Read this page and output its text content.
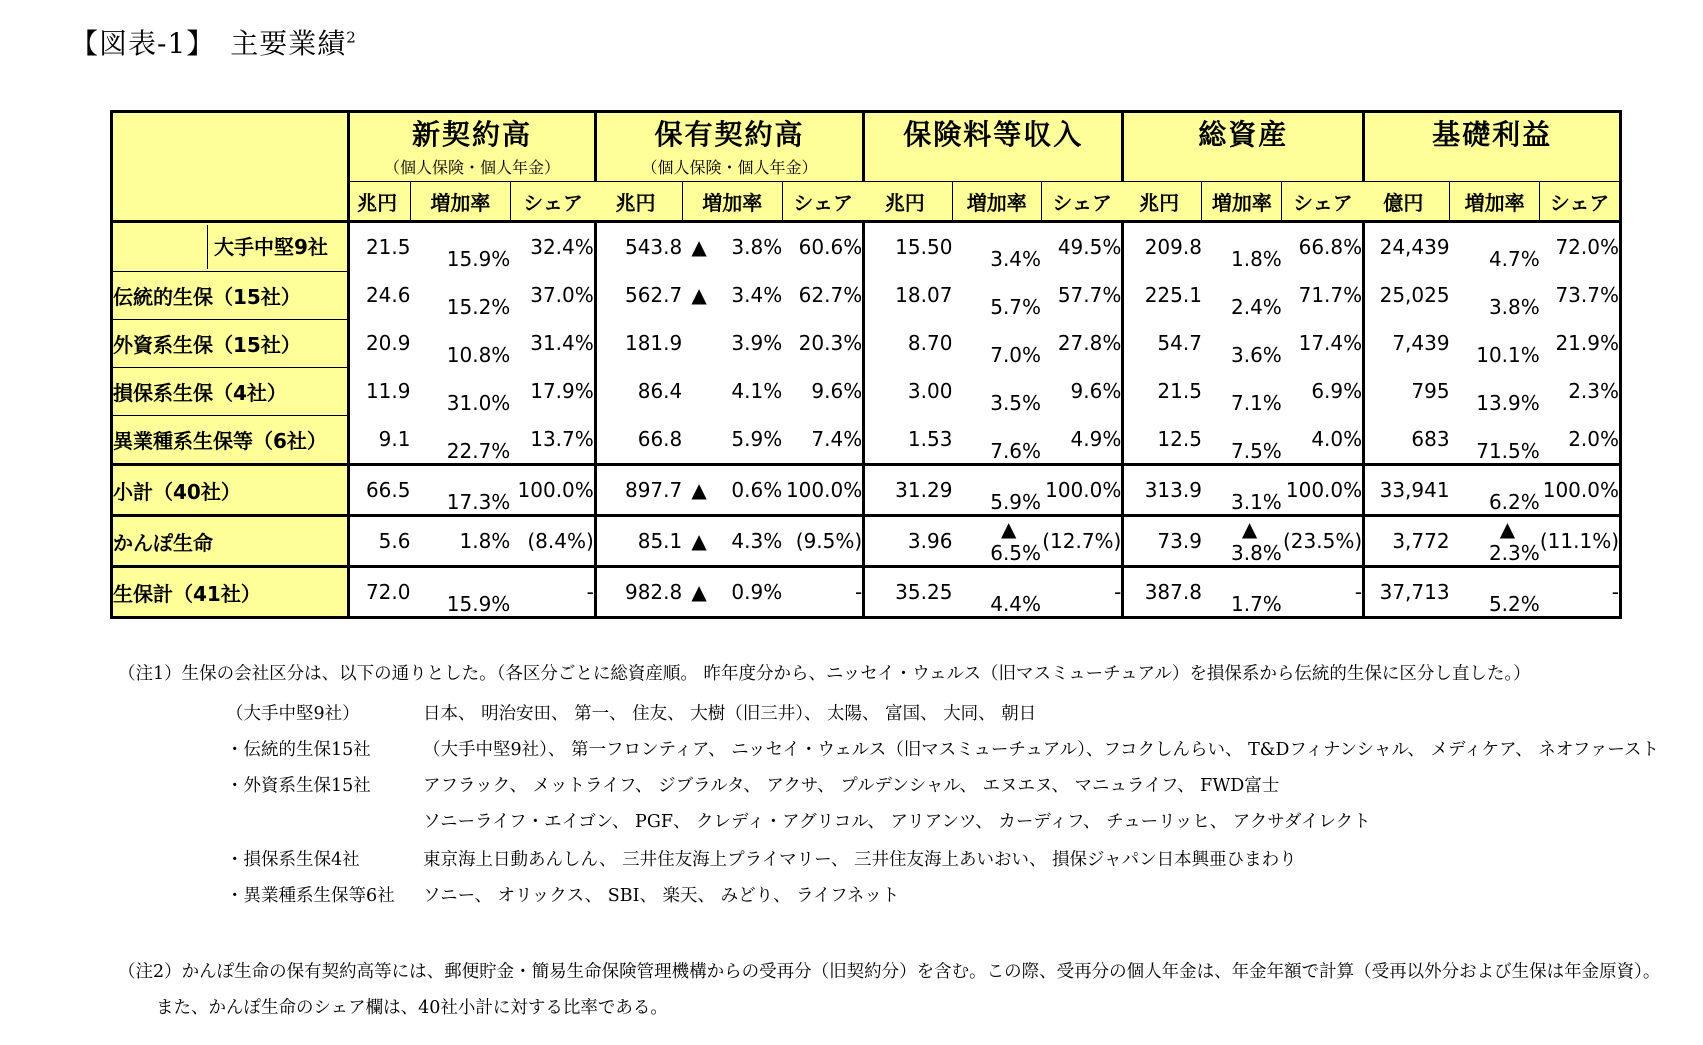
【図表-1】　主要業績$^2$

	新契約高
（個人保険・個人年金）			保有契約高
（個人保険・個人年金）			保険料等収入			総資産			基礎利益		

	兆円	増加率	シェア	兆円	増加率	シェア	兆円	増加率	シェア	兆円	増加率	シェア	億円	増加率	シェア
大手中堅9社	21.5	15.9%	32.4%	543.8	▲ 3.8%	60.6%	15.50	3.4%	49.5%	209.8	1.8%	66.8%	24,439	4.7%	72.0%
伝統的生保（15社）	24.6	15.2%	37.0%	562.7	▲ 3.4%	62.7%	18.07	5.7%	57.7%	225.1	2.4%	71.7%	25,025	3.8%	73.7%
外資系生保（15社）	20.9	10.8%	31.4%	181.9	3.9%	20.3%	8.70	7.0%	27.8%	54.7	3.6%	17.4%	7,439	10.1%	21.9%
損保系生保（4社）	11.9	31.0%	17.9%	86.4	4.1%	9.6%	3.00	3.5%	9.6%	21.5	7.1%	6.9%	795	13.9%	2.3%
異業種系生保等（6社）	9.1	22.7%	13.7%	66.8	5.9%	7.4%	1.53	7.6%	4.9%	12.5	7.5%	4.0%	683	71.5%	2.0%
小計（40社）	66.5	17.3%	100.0%	897.7	▲ 0.6%	100.0%	31.29	5.9%	100.0%	313.9	3.1%	100.0%	33,941	6.2%	100.0%
かんぽ生命	5.6	1.8%	(8.4%)	85.1	▲ 4.3%	(9.5%)	3.96	▲6.5%	(12.7%)	73.9	▲3.8%	(23.5%)	3,772	▲2.3%	(11.1%)
生保計（41社）	72.0	15.9%	-	982.8	▲ 0.9%	-	35.25	4.4%	-	387.8	1.7%	-	37,713	5.2%	-
（注1）生保の会社区分は、以下の通りとした。（各区分ごとに総資産順。 昨年度分から、ニッセイ・ウェルス（旧マスミューチュアル）を損保系から伝統的生保に区分し直した。）
（大手中堅9社）	日本、 明治安田、 第一、 住友、 大樹（旧三井）、 太陽、 富国、 大同、 朝日
・伝統的生保15社	（大手中堅9社）、 第一フロンティア、 ニッセイ・ウェルス（旧マスミューチュアル）、フコクしんらい、 T&Dフィナンシャル、 メディケア、 ネオファースト
・外資系生保15社	アフラック、 メットライフ、 ジブラルタ、 アクサ、 プルデンシャル、 エヌエヌ、 マニュライフ、 FWD富士
ソニーライフ・エイゴン、 PGF、 クレディ・アグリコル、 アリアンツ、 カーディフ、 チューリッヒ、 アクサダイレクト
・損保系生保4社	東京海上日動あんしん、 三井住友海上プライマリー、 三井住友海上あいおい、 損保ジャパン日本興亜ひまわり
・異業種系生保等6社 ソニー、 オリックス、 SBI、 楽天、 みどり、 ライフネット
（注2）かんぽ生命の保有契約高等には、郵便貯金・簡易生命保険管理機構からの受再分（旧契約分）を含む。この際、受再分の個人年金は、年金年額で計算（受再以外分および生保は年金原資）。
また、かんぽ生命のシェア欄は、40社小計に対する比率である。
